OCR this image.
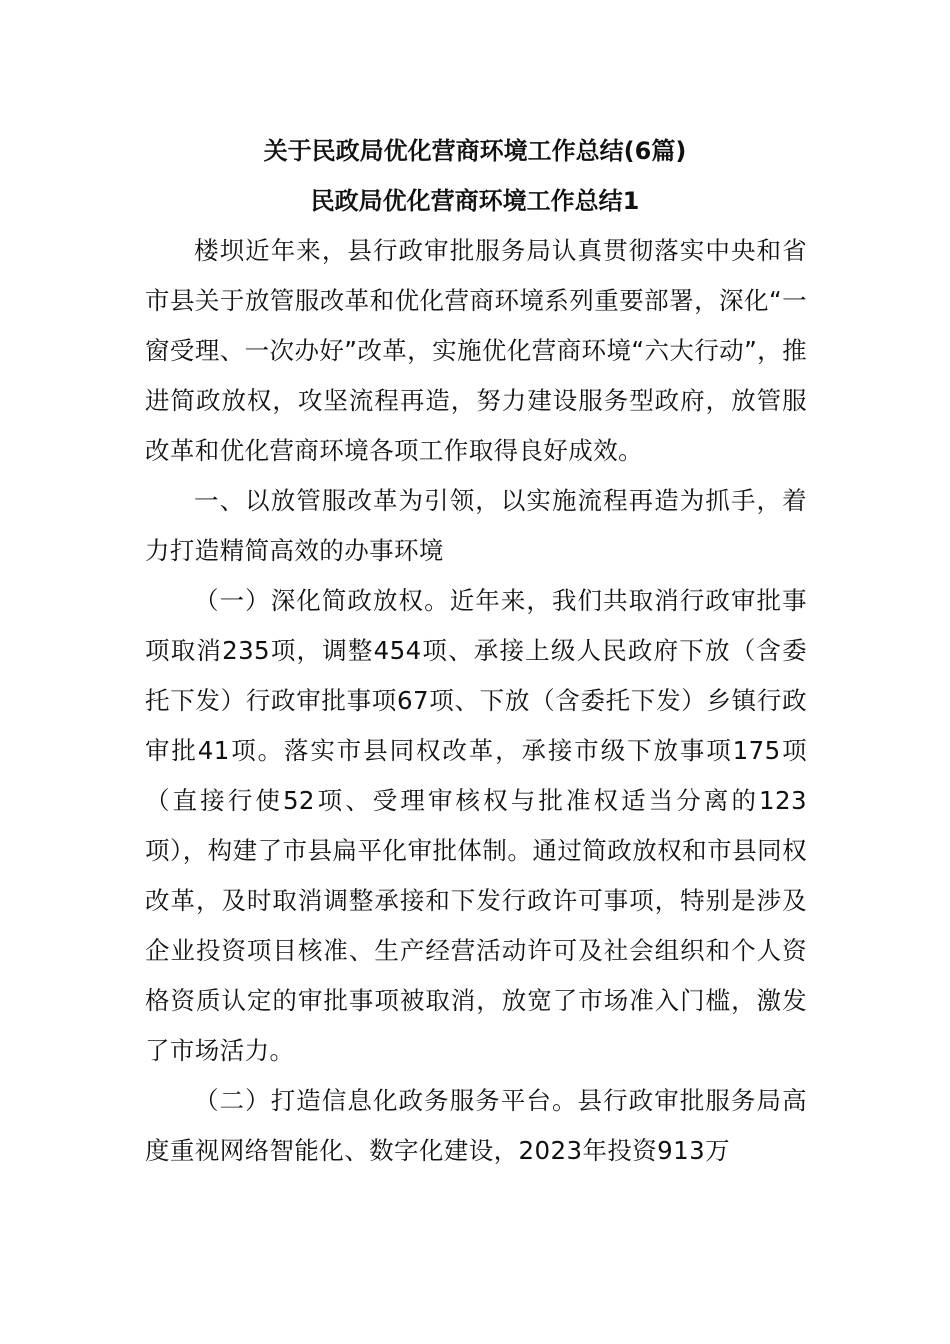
关于民政局优化营商环境工作总结(6篇)
民政局优化营商环境工作总结1

楼坝近年来，县行政审批服务局认真贯彻落实中央和省市县关于放管服改革和优化营商环境系列重要部署，深化“一窗受理、一次办好”改革，实施优化营商环境“六大行动”，推进简政放权，攻坚流程再造，努力建设服务型政府，放管服改革和优化营商环境各项工作取得良好成效。

一、以放管服改革为引领，以实施流程再造为抓手，着力打造精简高效的办事环境

（一）深化简政放权。近年来，我们共取消行政审批事项取消235项，调整454项、承接上级人民政府下放（含委托下发）行政审批事项67项、下放（含委托下发）乡镇行政审批41项。落实市县同权改革，承接市级下放事项175项（直接行使52项、受理审核权与批准权适当分离的123项），构建了市县扁平化审批体制。通过简政放权和市县同权改革，及时取消调整承接和下发行政许可事项，特别是涉及企业投资项目核准、生产经营活动许可及社会组织和个人资格资质认定的审批事项被取消，放宽了市场准入门槛，激发了市场活力。

（二）打造信息化政务服务平台。县行政审批服务局高度重视网络智能化、数字化建设，2023年投资913万
